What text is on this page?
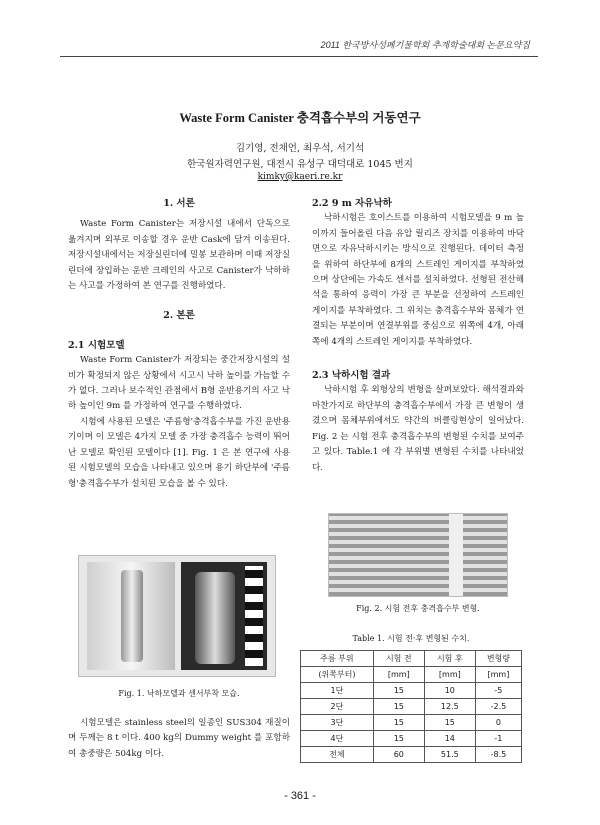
2011 한국방사성폐기물학회 추계학술대회 논문요약집
Waste Form Canister 충격흡수부의 거동연구
김기영, 전채언, 최우석, 서기석
한국원자력연구원, 대전시 유성구 대덕대로 1045 번지
kimky@kaeri.re.kr
1. 서론

Waste Form Canister는 저장시설 내에서 단독으로 옮겨지며 외부로 이송할 경우 운반 Cask에 담겨 이송된다. 저장시설내에서는 저장실린더에 밀봉 보관하며 이때 저장실린더에 장입하는 운반 크레인의 사고로 Canister가 낙하하는 사고를 가정하여 본 연구를 진행하였다.

2. 본론
2.1 시험모델

Waste Form Canister가 저장되는 중간저장시설의 설비가 확정되지 않은 상황에서 시고시 낙하 높이를 가늠할 수가 없다. 그러나 보수적인 관점에서 B형 운반용기의 사고 낙하 높이인 9m 를 가정하여 연구를 수행하였다.

시험에 사용된 모델은 '주름형'충격흡수부를 가진 운반용기이며 이 모델은 4가지 모델 중 가장 충격흡수 능력이 뛰어난 모델로 확인된 모델이다 [1]. Fig. 1 은 본 연구에 사용된 시험모델의 모습을 나타내고 있으며 용기 하단부에 '주름형'충격흡수부가 설치된 모습을 볼 수 있다.

Fig. 1. 낙하모델과 센서부착 모습.

시험모델은 stainless steel의 일종인 SUS304 재질이며 두께는 8 t 이다. 400 kg의 Dummy weight 를 포함하여 총중량은 504kg 이다.

2.2 9 m 자유낙하

낙하시험은 호이스트를 이용하여 시험모델을 9 m 높이까지 들어올린 다음 유압 릴리즈 장치를 이용하여 바닥면으로 자유낙하시키는 방식으로 진행된다. 데이터 측정을 위하여 하단부에 8개의 스트레인 게이지를 부착하였으며 상단에는 가속도 센서를 설치하였다. 선형된 전산해석을 통하여 응력이 가장 큰 부분을 선정하여 스트레인 게이지를 부착하였다. 그 위치는 충격흡수부와 몸체가 연결되는 부분이며 연결부위를 중심으로 위쪽에 4개, 아래쪽에 4개의 스트레인 게이지를 부착하였다.

2.3 낙하시험 결과

낙하시험 후 외형상의 변형을 살펴보았다. 해석결과와 마찬가지로 하단부의 충격흡수부에서 가장 큰 변형이 생겼으며 몸체부위에서도 약간의 버클링현상이 일어났다. Fig. 2 는 시험 전후 충격흡수부의 변형된 수치를 보여주고 있다. Table.1 에 각 부위별 변형된 수치를 나타내었다.

Fig. 2. 시험 전후 충격흡수부 변형.
Table 1. 시험 전·후 변형된 수치.
주름 부위	시험 전	시험 후	변형량
(위쪽부터)	[mm]	[mm]	[mm]
1단	15	10	-5
2단	15	12.5	-2.5
3단	15	15	0
4단	15	14	-1
전체	60	51.5	-8.5
- 361 -
